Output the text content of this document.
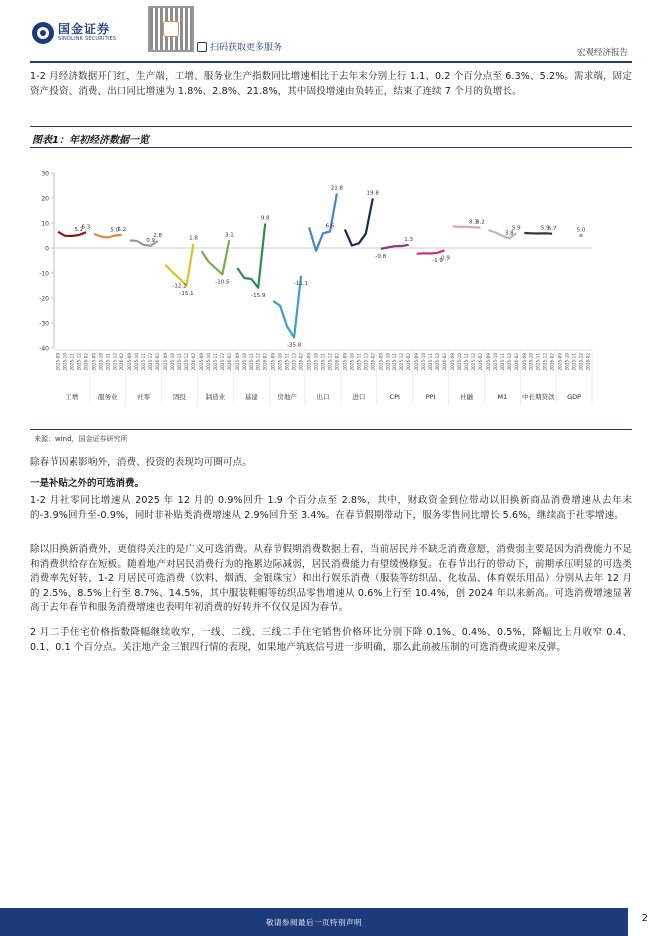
国金证券
SINOLINK SECURITIES
扫码获取更多服务	宏观经济报告

1-2 月经济数据开门红，生产端，工增、服务业生产指数同比增速相比于去年末分别上行 1.1、0.2 个百分点至 6.3%、5.2%。需求端，固定资产投资、消费、出口同比增速为 1.8%、2.8%、21.8%，其中固投增速由负转正，结束了连续 7 个月的负增长。

图表1：年初经济数据一览
30
20
10
0
-10
-20
-30
-40
2025-09 2025-10 2025-11 2025-12 2026-02
5.2
6.3
工增
2025-09 2025-10 2025-11 2025-12 2026-02
5.0
5.2
服务业
2025-09 2025-10 2025-11 2025-12 2026-02
0.9
2.8
社零
2025-09 2025-10 2025-11 2025-12 2026-02
-12.2
-15.1
1.8
固投
2025-09 2025-10 2025-11 2025-12 2026-02
-10.5
3.1
制造业
2025-09 2025-10 2025-11 2025-12 2026-02
-15.9
9.8
基建
2025-09 2025-10 2025-11 2025-12 2026-02
-35.8
-11.1
房地产
2025-09 2025-10 2025-11 2025-12 2026-02
6.6
21.8
出口
2025-09 2025-10 2025-11 2025-12 2026-02
19.8
进口
2025-09 2025-10 2025-11 2025-12 2026-02
-0.8
1.3
CPI
2025-09 2025-10 2025-11 2025-12 2026-02
-1.9
-0.9
PPI
2025-09 2025-10 2025-11 2025-12 2026-02
8.3
8.2
社融
2025-09 2025-10 2025-11 2025-12 2026-02
3.8
5.9
M1
2025-09 2025-10 2025-11 2025-12 2026-02
5.9
5.7
中长期贷款
2025-09 2025-10 2025-11 2025-12 2026-02
5.0
GDP
来源：wind，国金证券研究所

除春节因素影响外，消费、投资的表现均可圈可点。

一是补贴之外的可选消费。

1-2 月社零同比增速从 2025 年 12 月的 0.9%回升 1.9 个百分点至 2.8%，其中，财政资金到位带动以旧换新商品消费增速从去年末的-3.9%回升至-0.9%，同时非补贴类消费增速从 2.9%回升至 3.4%。在春节假期带动下，服务零售同比增长 5.6%，继续高于社零增速。

除以旧换新消费外，更值得关注的是广义可选消费。从春节假期消费数据上看，当前居民并不缺乏消费意愿，消费弱主要是因为消费能力不足和消费供给存在短板。随着地产对居民消费行为的拖累边际减弱，居民消费能力有望缓慢修复。在春节出行的带动下，前期承压明显的可选类消费率先好转，1-2 月居民可选消费（饮料、烟酒、金银珠宝）和出行娱乐消费（服装等纺织品、化妆品、体育娱乐用品）分别从去年 12 月的 2.5%、8.5%上行至 8.7%、14.5%，其中服装鞋帽等纺织品零售增速从 0.6%上行至 10.4%，创 2024 年以来新高。可选消费增速显著高于去年春节和服务消费增速也表明年初消费的好转并不仅仅是因为春节。

2 月二手住宅价格指数降幅继续收窄，一线、二线、三线二手住宅销售价格环比分别下降 0.1%、0.4%、0.5%，降幅比上月收窄 0.4、0.1、0.1 个百分点。关注地产金三银四行情的表现，如果地产筑底信号进一步明确，那么此前被压制的可选消费或迎来反弹。

敬请参阅最后一页特别声明	2
